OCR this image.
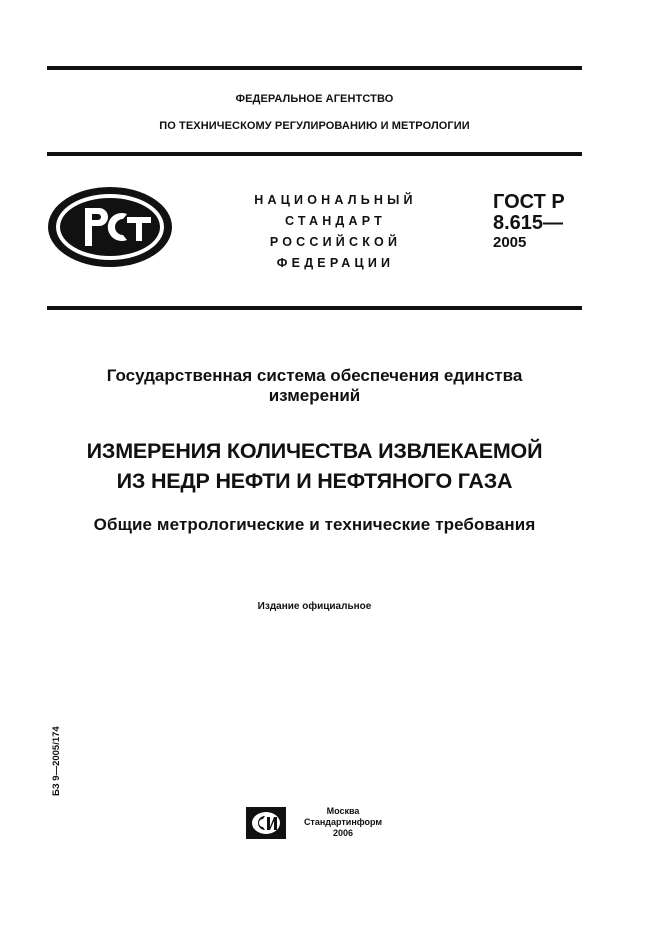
ФЕДЕРАЛЬНОЕ АГЕНТСТВО
ПО ТЕХНИЧЕСКОМУ РЕГУЛИРОВАНИЮ И МЕТРОЛОГИИ
НАЦИОНАЛЬНЫЙ
СТАНДАРТ
РОССИЙСКОЙ
ФЕДЕРАЦИИ
ГОСТ Р
8.615—
2005
Государственная система обеспечения единства
измерений
ИЗМЕРЕНИЯ КОЛИЧЕСТВА ИЗВЛЕКАЕМОЙ
ИЗ НЕДР НЕФТИ И НЕФТЯНОГО ГАЗА
Общие метрологические и технические требования
Издание официальное
БЗ 9—2005/174
Москва
Стандартинформ
2006
